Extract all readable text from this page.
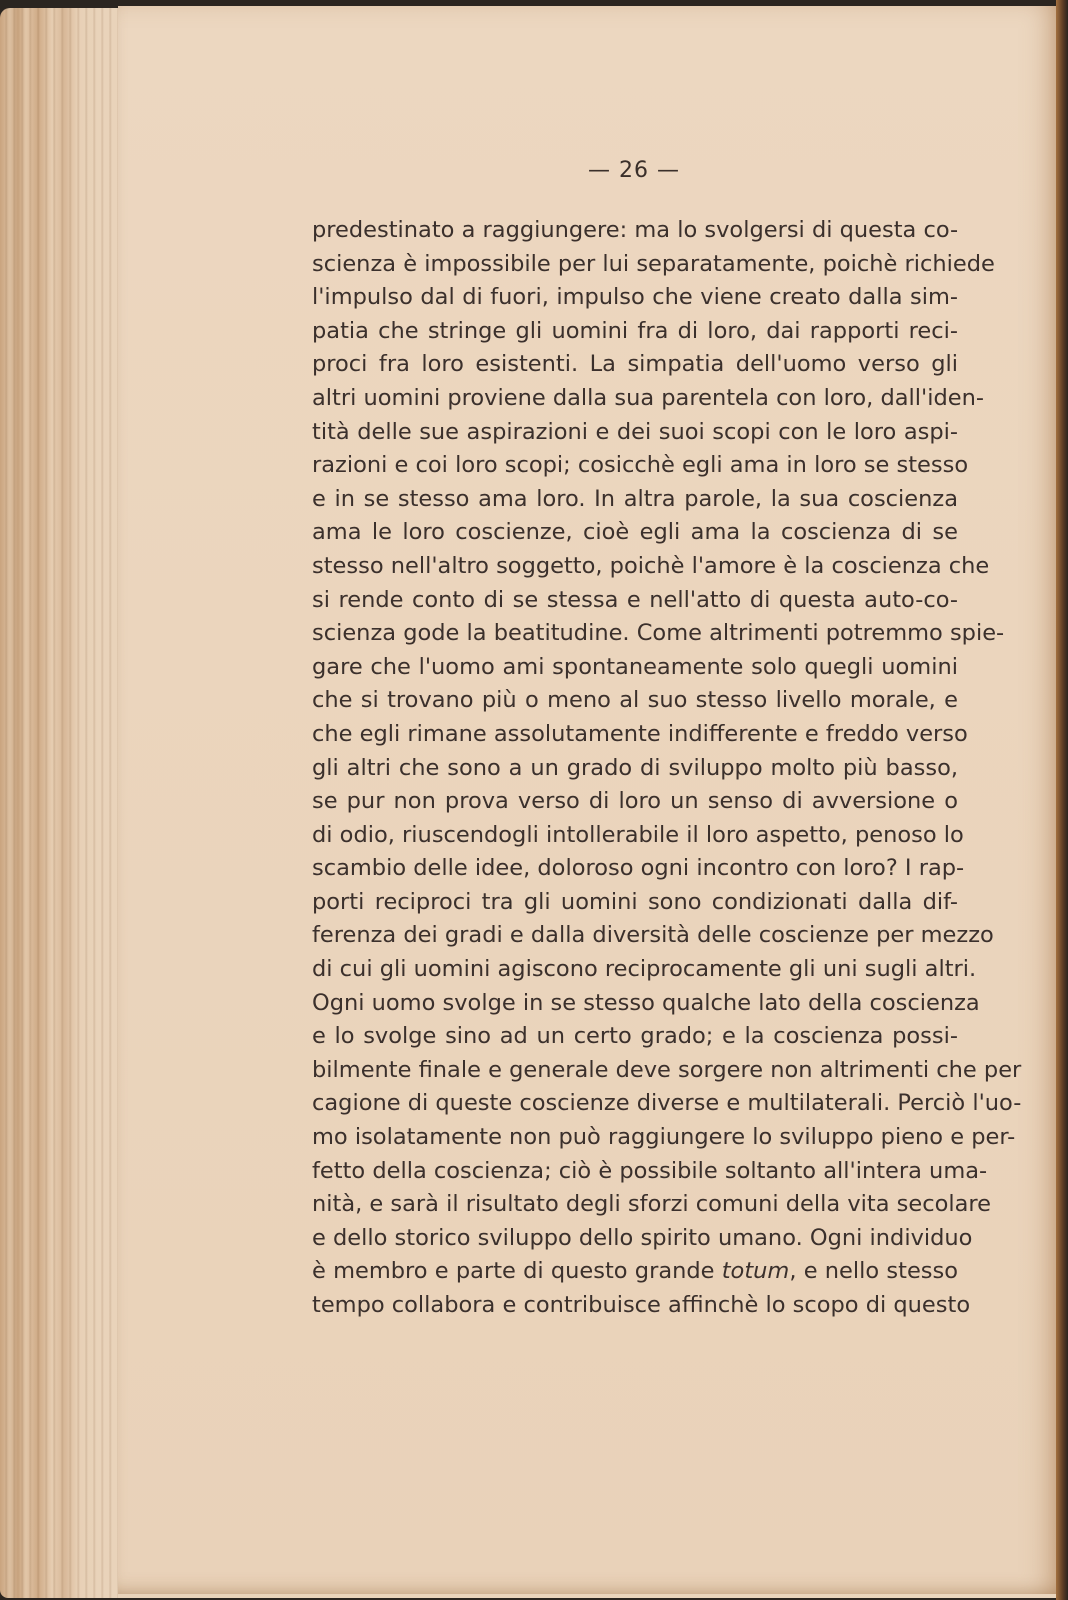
— 26 —
predestinato a raggiungere: ma lo svolgersi di questa co-
scienza è impossibile per lui separatamente, poichè richiede
l'impulso dal di fuori, impulso che viene creato dalla sim-
patia che stringe gli uomini fra di loro, dai rapporti reci-
proci fra loro esistenti. La simpatia dell'uomo verso gli
altri uomini proviene dalla sua parentela con loro, dall'iden-
tità delle sue aspirazioni e dei suoi scopi con le loro aspi-
razioni e coi loro scopi; cosicchè egli ama in loro se stesso
e in se stesso ama loro. In altra parole, la sua coscienza
ama le loro coscienze, cioè egli ama la coscienza di se
stesso nell'altro soggetto, poichè l'amore è la coscienza che
si rende conto di se stessa e nell'atto di questa auto-co-
scienza gode la beatitudine. Come altrimenti potremmo spie-
gare che l'uomo ami spontaneamente solo quegli uomini
che si trovano più o meno al suo stesso livello morale, e
che egli rimane assolutamente indifferente e freddo verso
gli altri che sono a un grado di sviluppo molto più basso,
se pur non prova verso di loro un senso di avversione o
di odio, riuscendogli intollerabile il loro aspetto, penoso lo
scambio delle idee, doloroso ogni incontro con loro? I rap-
porti reciproci tra gli uomini sono condizionati dalla dif-
ferenza dei gradi e dalla diversità delle coscienze per mezzo
di cui gli uomini agiscono reciprocamente gli uni sugli altri.
Ogni uomo svolge in se stesso qualche lato della coscienza
e lo svolge sino ad un certo grado; e la coscienza possi-
bilmente finale e generale deve sorgere non altrimenti che per
cagione di queste coscienze diverse e multilaterali. Perciò l'uo-
mo isolatamente non può raggiungere lo sviluppo pieno e per-
fetto della coscienza; ciò è possibile soltanto all'intera uma-
nità, e sarà il risultato degli sforzi comuni della vita secolare
e dello storico sviluppo dello spirito umano. Ogni individuo
è membro e parte di questo grande totum, e nello stesso
tempo collabora e contribuisce affinchè lo scopo di questo
